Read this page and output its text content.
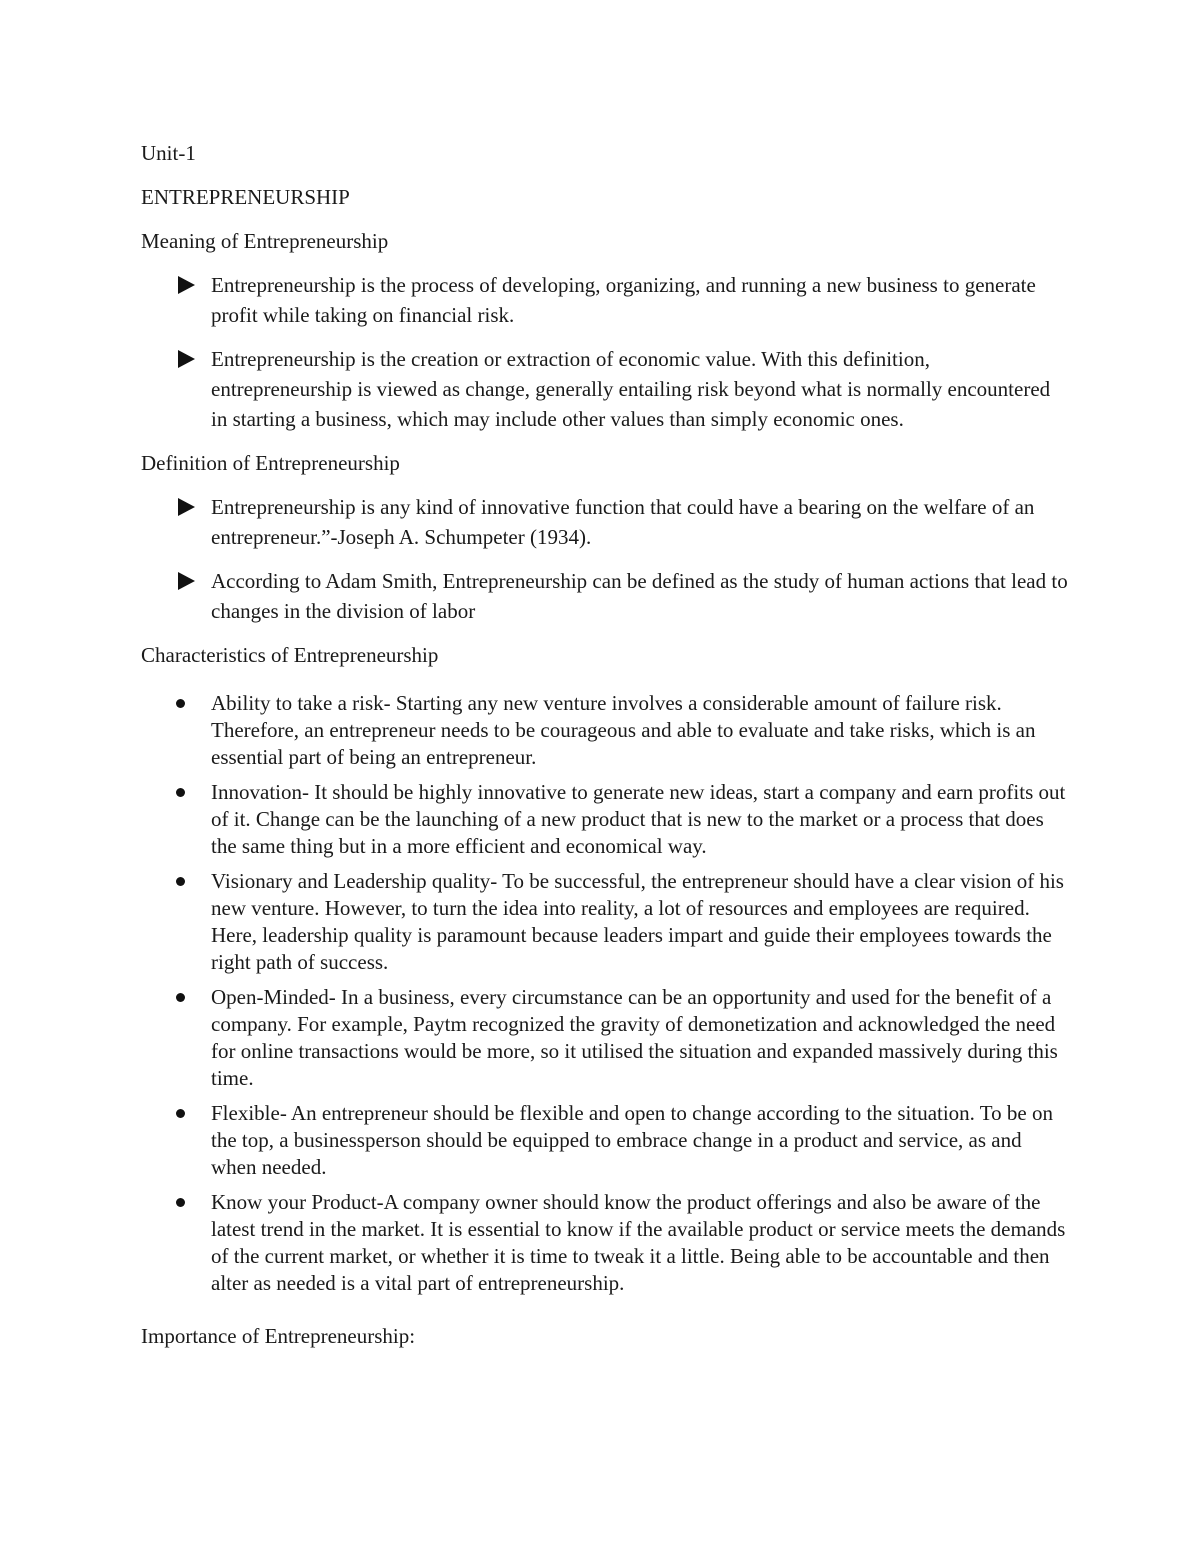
Unit-1

ENTREPRENEURSHIP

Meaning of Entrepreneurship

Entrepreneurship is the process of developing, organizing, and running a new business to generate profit while taking on financial risk.
Entrepreneurship is the creation or extraction of economic value. With this definition, entrepreneurship is viewed as change, generally entailing risk beyond what is normally encountered in starting a business, which may include other values than simply economic ones.

Definition of Entrepreneurship

Entrepreneurship is any kind of innovative function that could have a bearing on the welfare of an entrepreneur.”-Joseph A. Schumpeter (1934).
According to Adam Smith, Entrepreneurship can be defined as the study of human actions that lead to changes in the division of labor

Characteristics of Entrepreneurship

Ability to take a risk- Starting any new venture involves a considerable amount of failure risk. Therefore, an entrepreneur needs to be courageous and able to evaluate and take risks, which is an essential part of being an entrepreneur.
Innovation- It should be highly innovative to generate new ideas, start a company and earn profits out of it. Change can be the launching of a new product that is new to the market or a process that does the same thing but in a more efficient and economical way.
Visionary and Leadership quality- To be successful, the entrepreneur should have a clear vision of his new venture. However, to turn the idea into reality, a lot of resources and employees are required. Here, leadership quality is paramount because leaders impart and guide their employees towards the right path of success.
Open-Minded- In a business, every circumstance can be an opportunity and used for the benefit of a company. For example, Paytm recognized the gravity of demonetization and acknowledged the need for online transactions would be more, so it utilised the situation and expanded massively during this time.
Flexible- An entrepreneur should be flexible and open to change according to the situation. To be on the top, a businessperson should be equipped to embrace change in a product and service, as and when needed.
Know your Product-A company owner should know the product offerings and also be aware of the latest trend in the market. It is essential to know if the available product or service meets the demands of the current market, or whether it is time to tweak it a little. Being able to be accountable and then alter as needed is a vital part of entrepreneurship.

Importance of Entrepreneurship:
